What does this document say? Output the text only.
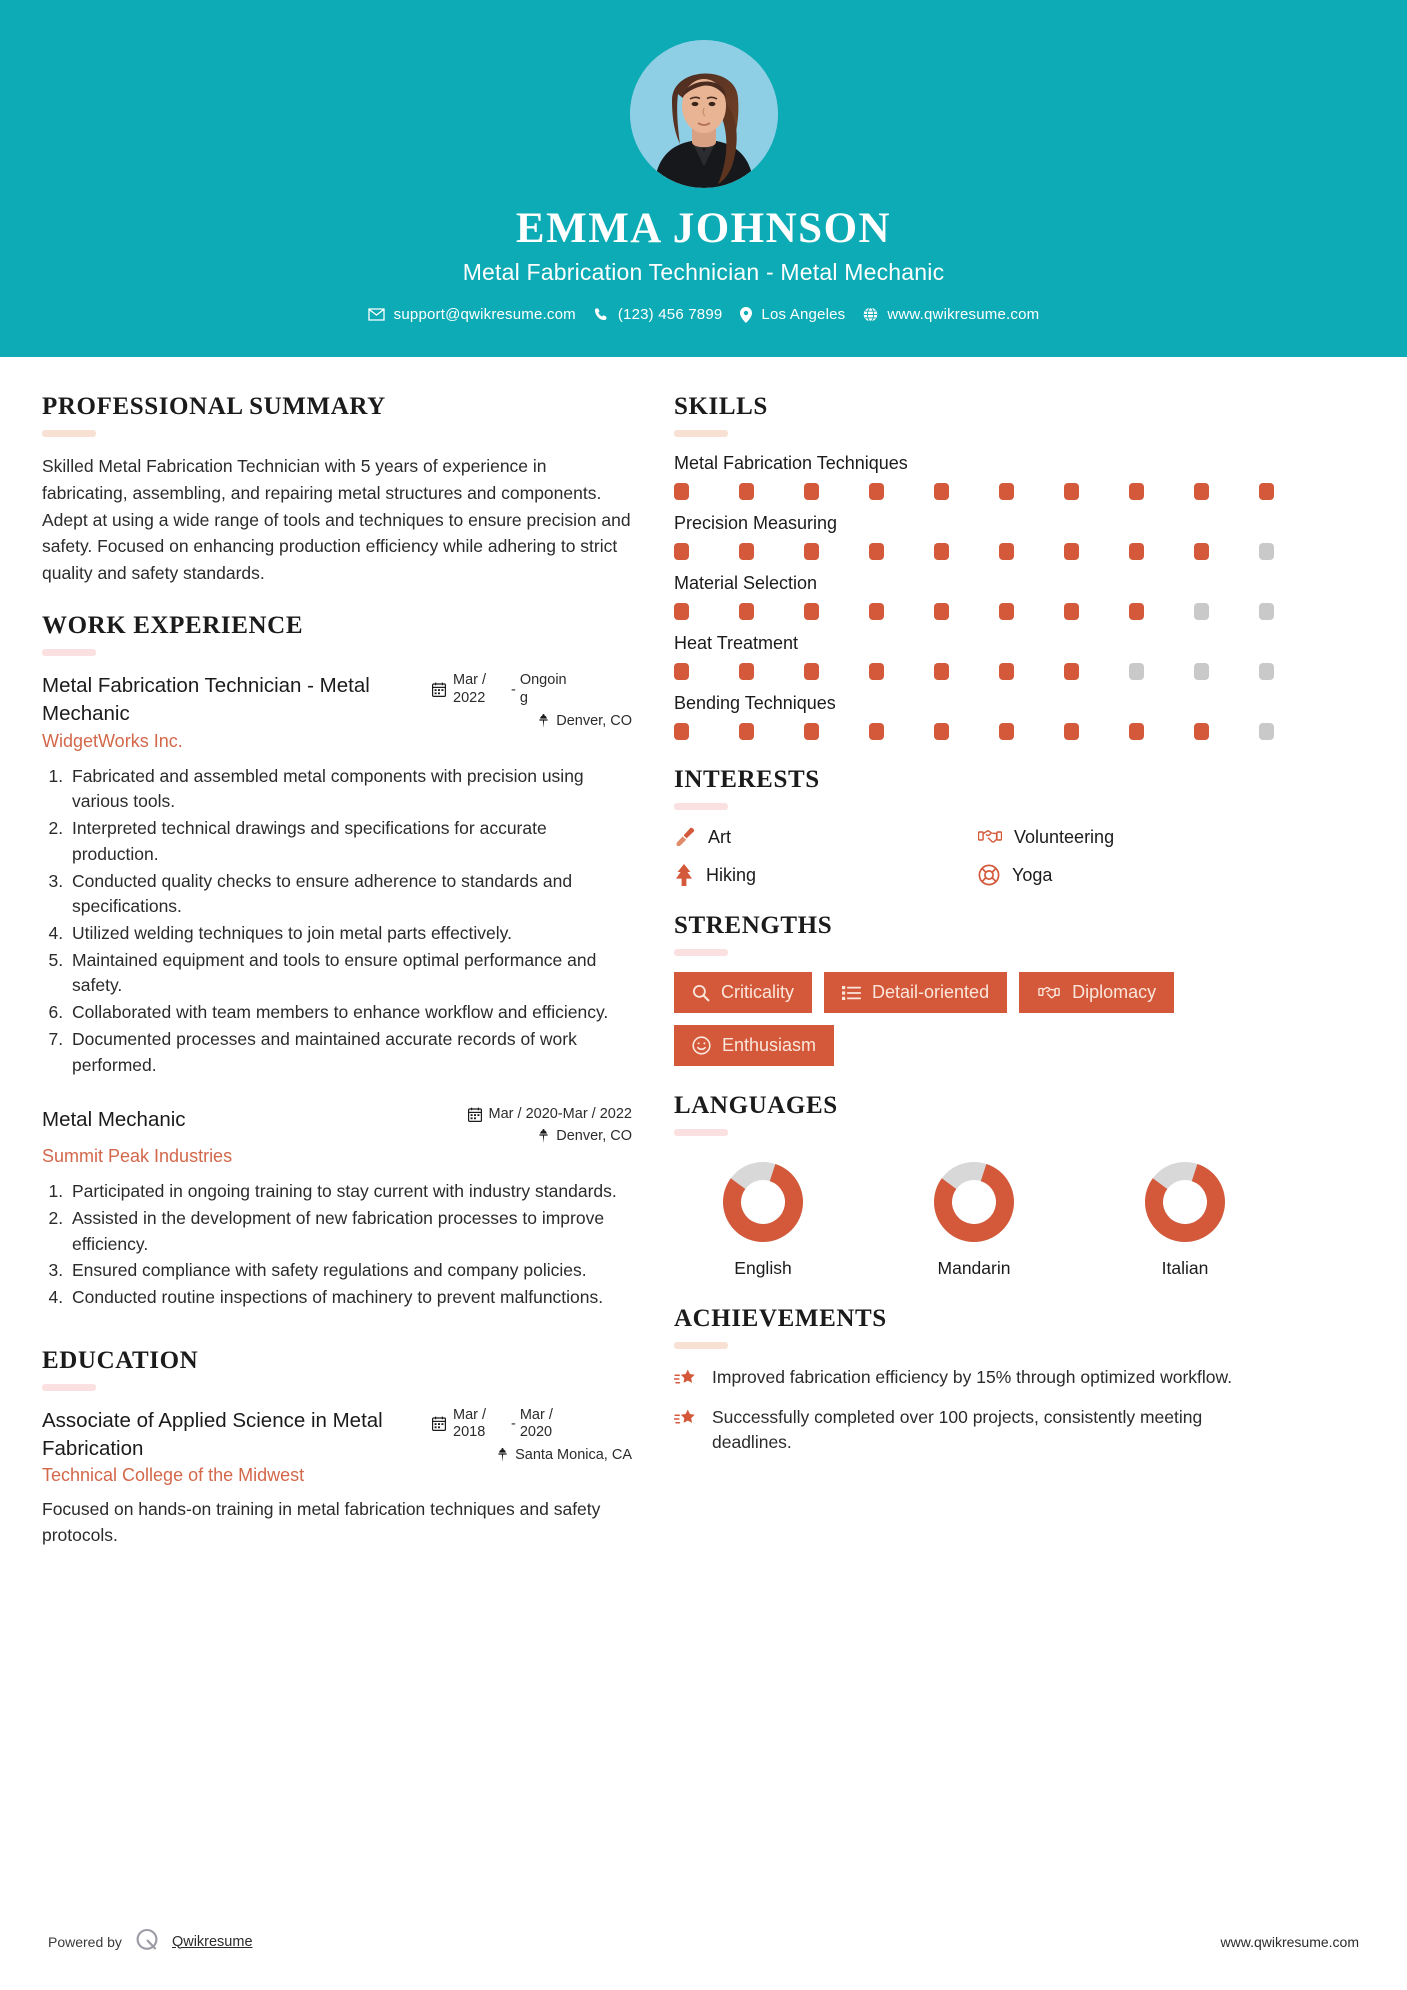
EMMA JOHNSON
Metal Fabrication Technician - Metal Mechanic
support@qwikresume.com	(123) 456 7899	Los Angeles	www.qwikresume.com
PROFESSIONAL SUMMARY
Skilled Metal Fabrication Technician with 5 years of experience in fabricating, assembling, and repairing metal structures and components. Adept at using a wide range of tools and techniques to ensure precision and safety. Focused on enhancing production efficiency while adhering to strict quality and safety standards.
WORK EXPERIENCE
Metal Fabrication Technician - Metal Mechanic
Mar / 2022	-
Ongoing
Denver, CO
WidgetWorks Inc.
1. Fabricated and assembled metal components with precision using various tools.
2. Interpreted technical drawings and specifications for accurate production.
3. Conducted quality checks to ensure adherence to standards and specifications.
4. Utilized welding techniques to join metal parts effectively.
5. Maintained equipment and tools to ensure optimal performance and safety.
6. Collaborated with team members to enhance workflow and efficiency.
7. Documented processes and maintained accurate records of work performed.
Metal Mechanic	Mar / 2020-Mar / 2022
Denver, CO
Summit Peak Industries
1. Participated in ongoing training to stay current with industry standards.
2. Assisted in the development of new fabrication processes to improve efficiency.
3. Ensured compliance with safety regulations and company policies.
4. Conducted routine inspections of machinery to prevent malfunctions.
EDUCATION
Associate of Applied Science in Metal Fabrication
Mar / 2018	-
Mar / 2020
Santa Monica, CA
Technical College of the Midwest
Focused on hands-on training in metal fabrication techniques and safety protocols.
SKILLS
Metal Fabrication Techniques
Precision Measuring
Material Selection
Heat Treatment
Bending Techniques
INTERESTS
Art	Volunteering
Hiking	Yoga
STRENGTHS
Criticality	Detail-oriented	Diplomacy
Enthusiasm
LANGUAGES
English	Mandarin	Italian
ACHIEVEMENTS
Improved fabrication efficiency by 15% through optimized workflow.
Successfully completed over 100 projects, consistently meeting deadlines.
Powered by	Qwikresume	www.qwikresume.com
